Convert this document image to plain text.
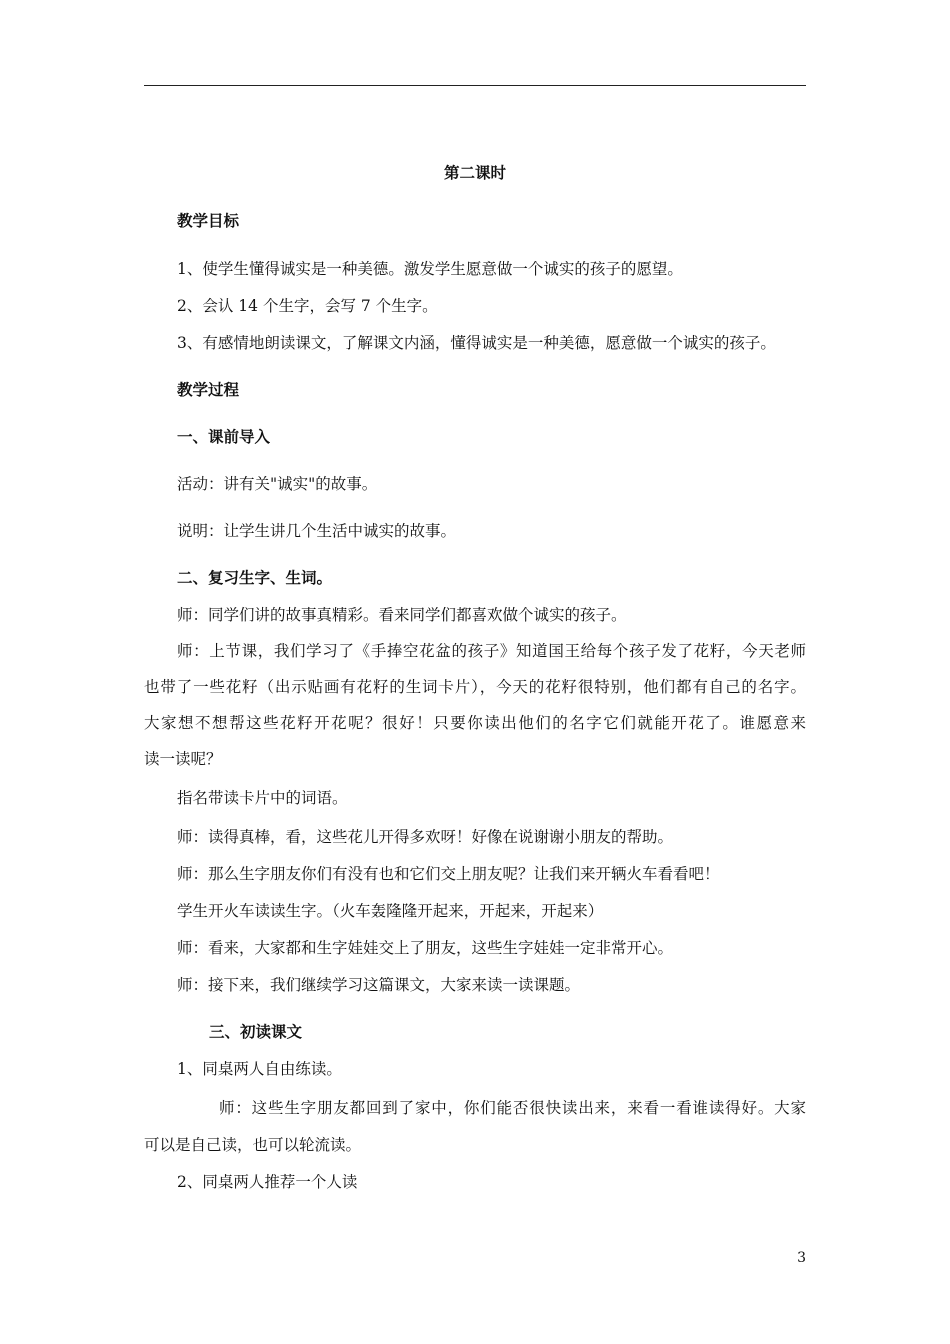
第二课时
教学目标
1、使学生懂得诚实是一种美德。激发学生愿意做一个诚实的孩子的愿望。
2、会认 14 个生字，会写 7 个生字。
3、有感情地朗读课文，了解课文内涵，懂得诚实是一种美德，愿意做一个诚实的孩子。
教学过程
一、课前导入
活动：讲有关"诚实"的故事。
说明：让学生讲几个生活中诚实的故事。
二、复习生字、生词。
师：同学们讲的故事真精彩。看来同学们都喜欢做个诚实的孩子。
师：上节课，我们学习了《手捧空花盆的孩子》知道国王给每个孩子发了花籽，今天老师
也带了一些花籽（出示贴画有花籽的生词卡片），今天的花籽很特别，他们都有自己的名字。
大家想不想帮这些花籽开花呢？很好！只要你读出他们的名字它们就能开花了。谁愿意来
读一读呢？
指名带读卡片中的词语。
师：读得真棒，看，这些花儿开得多欢呀！好像在说谢谢小朋友的帮助。
师：那么生字朋友你们有没有也和它们交上朋友呢？让我们来开辆火车看看吧！
学生开火车读读生字。（火车轰隆隆开起来，开起来，开起来）
师：看来，大家都和生字娃娃交上了朋友，这些生字娃娃一定非常开心。
师：接下来，我们继续学习这篇课文，大家来读一读课题。
三、初读课文
1、同桌两人自由练读。
师：这些生字朋友都回到了家中，你们能否很快读出来，来看一看谁读得好。大家
可以是自己读，也可以轮流读。
2、同桌两人推荐一个人读
3
